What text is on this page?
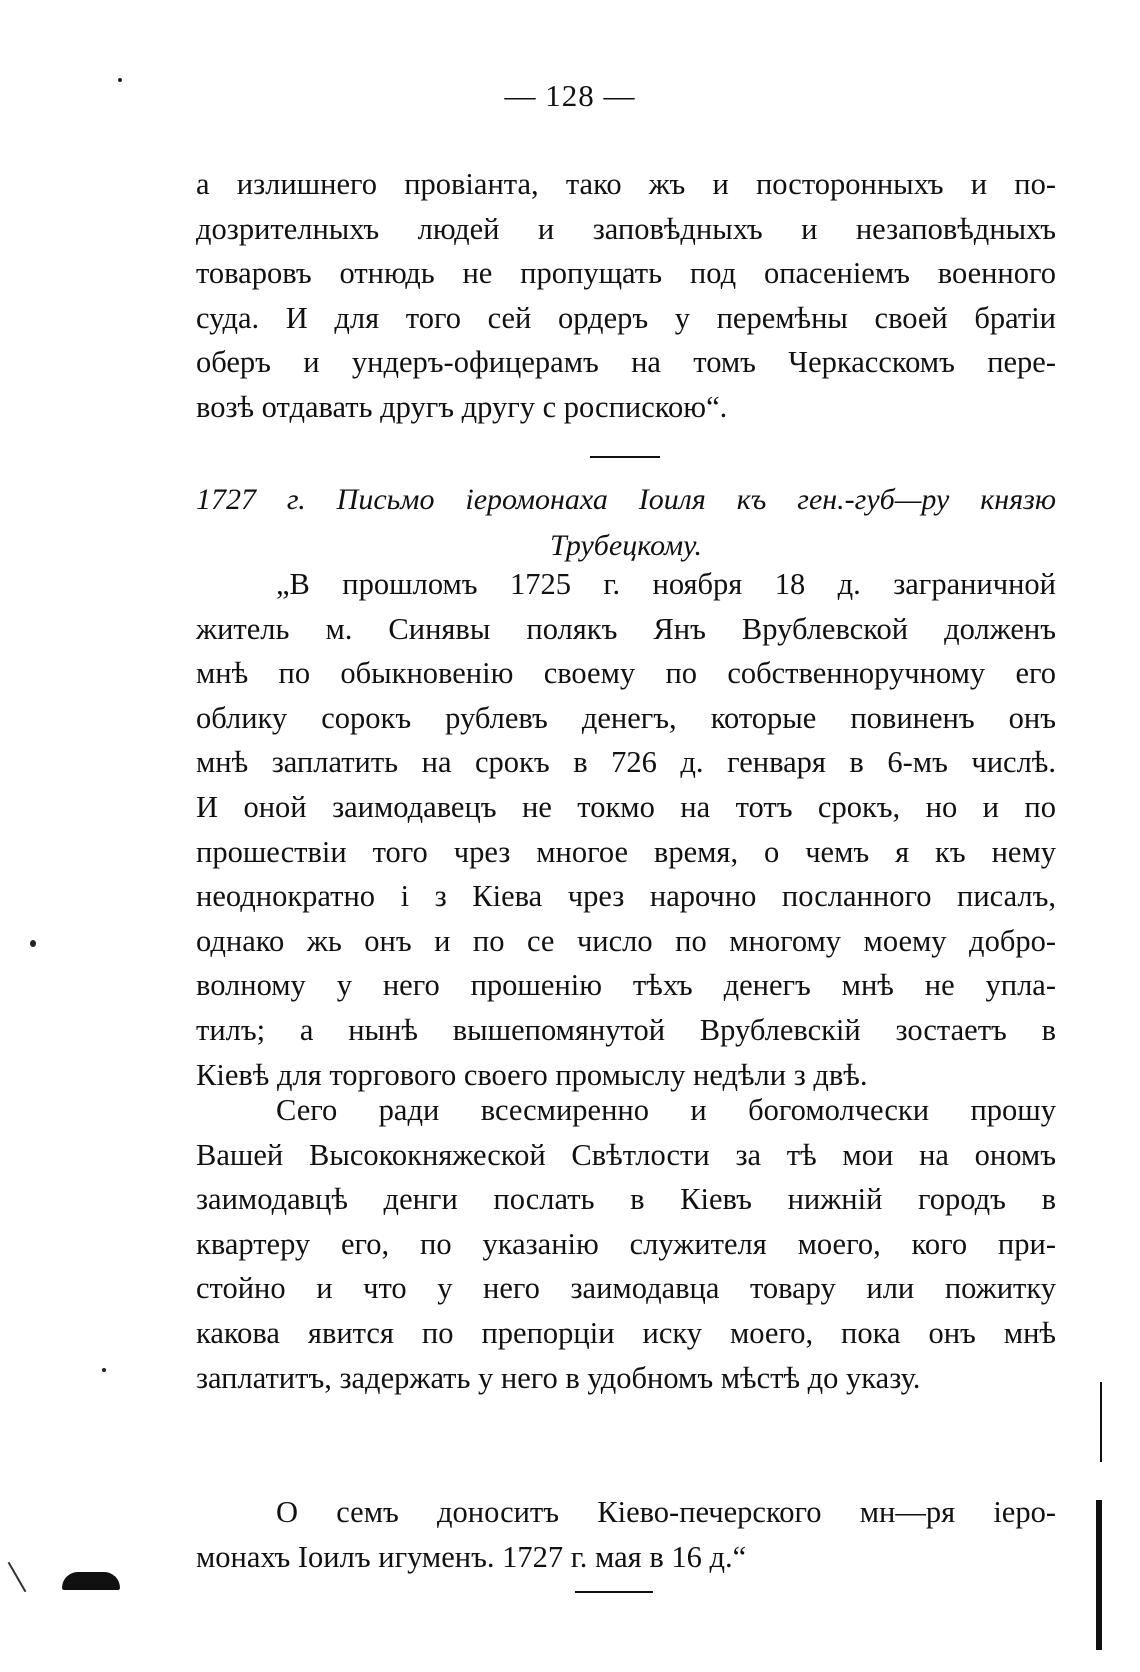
— 128 —
а излишнего провіанта, тако жъ и посторонныхъ и по-
дозрителныхъ людей и заповѣдныхъ и незаповѣдныхъ
товаровъ отнюдь не пропущать под опасеніемъ военного
суда. И для того сей ордеръ у перемѣны своей братіи
оберъ и ундеръ-офицерамъ на томъ Черкасскомъ пере-
возѣ отдавать другъ другу с роспискою“.
1727 г. Письмо іеромонаха Іоиля къ ген.-губ—ру князю
Трубецкому.
„В прошломъ 1725 г. ноября 18 д. заграничной
житель м. Синявы полякъ Янъ Врублевской долженъ
мнѣ по обыкновенію своему по собственноручному его
облику сорокъ рублевъ денегъ, которые повиненъ онъ
мнѣ заплатить на срокъ в 726 д. генваря в 6-мъ числѣ.
И оной заимодавецъ не токмо на тотъ срокъ, но и по
прошествіи того чрез многое время, о чемъ я къ нему
неоднократно і з Кіева чрез нарочно посланного писалъ,
однако жь онъ и по се число по многому моему добро-
волному у него прошенію тѣхъ денегъ мнѣ не упла-
тилъ; а нынѣ вышепомянутой Врублевскій зостаетъ в
Кіевѣ для торгового своего промыслу недѣли з двѣ.
Сего ради всесмиренно и богомолчески прошу
Вашей Высококняжеской Свѣтлости за тѣ мои на ономъ
заимодавцѣ денги послать в Кіевъ нижній городъ в
квартеру его, по указанію служителя моего, кого при-
стойно и что у него заимодавца товару или пожитку
какова явится по препорціи иску моего, пока онъ мнѣ
заплатитъ, задержать у него в удобномъ мѣстѣ до указу.
О семъ доноситъ Кіево-печерского мн—ря іеро-
монахъ Іоилъ игуменъ. 1727 г. мая в 16 д.“
